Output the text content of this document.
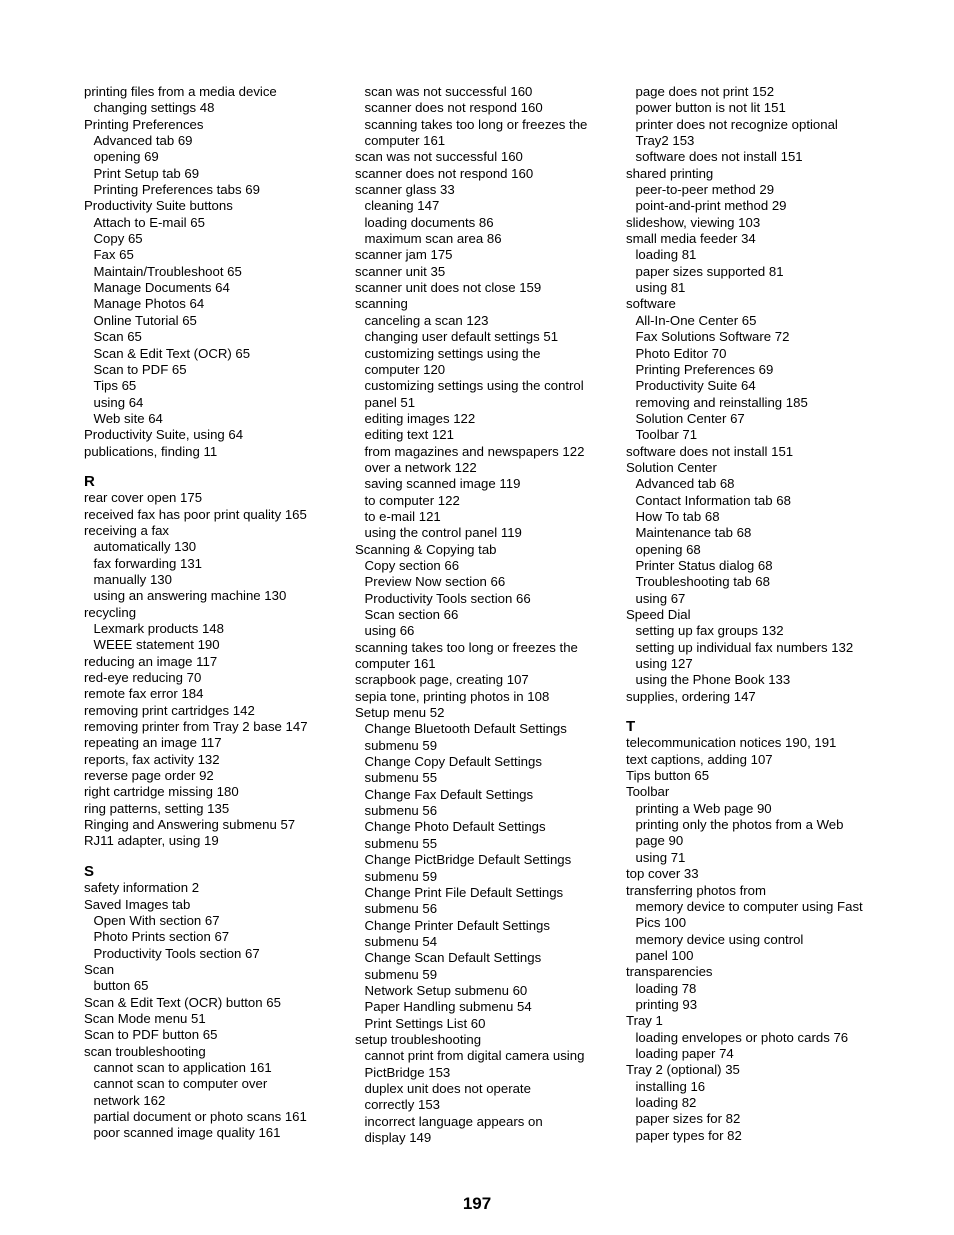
printing files from a media device
changing settings 48
Printing Preferences
Advanced tab 69
opening 69
Print Setup tab 69
Printing Preferences tabs 69
Productivity Suite buttons
Attach to E-mail 65
Copy 65
Fax 65
Maintain/Troubleshoot 65
Manage Documents 64
Manage Photos 64
Online Tutorial 65
Scan 65
Scan & Edit Text (OCR) 65
Scan to PDF 65
Tips 65
using 64
Web site 64
Productivity Suite, using 64
publications, finding 11
R
rear cover open 175
received fax has poor print quality 165
receiving a fax
automatically 130
fax forwarding 131
manually 130
using an answering machine 130
recycling
Lexmark products 148
WEEE statement 190
reducing an image 117
red-eye reducing 70
remote fax error 184
removing print cartridges 142
removing printer from Tray 2 base 147
repeating an image 117
reports, fax activity 132
reverse page order 92
right cartridge missing 180
ring patterns, setting 135
Ringing and Answering submenu 57
RJ11 adapter, using 19
S
safety information 2
Saved Images tab
Open With section 67
Photo Prints section 67
Productivity Tools section 67
Scan
button 65
Scan & Edit Text (OCR) button 65
Scan Mode menu 51
Scan to PDF button 65
scan troubleshooting
cannot scan to application 161
cannot scan to computer over
network 162
partial document or photo scans 161
poor scanned image quality 161
scan was not successful 160
scanner does not respond 160
scanning takes too long or freezes the
computer 161
scan was not successful 160
scanner does not respond 160
scanner glass 33
cleaning 147
loading documents 86
maximum scan area 86
scanner jam 175
scanner unit 35
scanner unit does not close 159
scanning
canceling a scan 123
changing user default settings 51
customizing settings using the
computer 120
customizing settings using the control
panel 51
editing images 122
editing text 121
from magazines and newspapers 122
over a network 122
saving scanned image 119
to computer 122
to e-mail 121
using the control panel 119
Scanning & Copying tab
Copy section 66
Preview Now section 66
Productivity Tools section 66
Scan section 66
using 66
scanning takes too long or freezes the
computer 161
scrapbook page, creating 107
sepia tone, printing photos in 108
Setup menu 52
Change Bluetooth Default Settings
submenu 59
Change Copy Default Settings
submenu 55
Change Fax Default Settings
submenu 56
Change Photo Default Settings
submenu 55
Change PictBridge Default Settings
submenu 59
Change Print File Default Settings
submenu 56
Change Printer Default Settings
submenu 54
Change Scan Default Settings
submenu 59
Network Setup submenu 60
Paper Handling submenu 54
Print Settings List 60
setup troubleshooting
cannot print from digital camera using
PictBridge 153
duplex unit does not operate
correctly 153
incorrect language appears on
display 149
page does not print 152
power button is not lit 151
printer does not recognize optional
Tray2 153
software does not install 151
shared printing
peer-to-peer method 29
point-and-print method 29
slideshow, viewing 103
small media feeder 34
loading 81
paper sizes supported 81
using 81
software
All-In-One Center 65
Fax Solutions Software 72
Photo Editor 70
Printing Preferences 69
Productivity Suite 64
removing and reinstalling 185
Solution Center 67
Toolbar 71
software does not install 151
Solution Center
Advanced tab 68
Contact Information tab 68
How To tab 68
Maintenance tab 68
opening 68
Printer Status dialog 68
Troubleshooting tab 68
using 67
Speed Dial
setting up fax groups 132
setting up individual fax numbers 132
using 127
using the Phone Book 133
supplies, ordering 147
T
telecommunication notices 190, 191
text captions, adding 107
Tips button 65
Toolbar
printing a Web page 90
printing only the photos from a Web
page 90
using 71
top cover 33
transferring photos from
memory device to computer using Fast
Pics 100
memory device using control
panel 100
transparencies
loading 78
printing 93
Tray 1
loading envelopes or photo cards 76
loading paper 74
Tray 2 (optional) 35
installing 16
loading 82
paper sizes for 82
paper types for 82
197
